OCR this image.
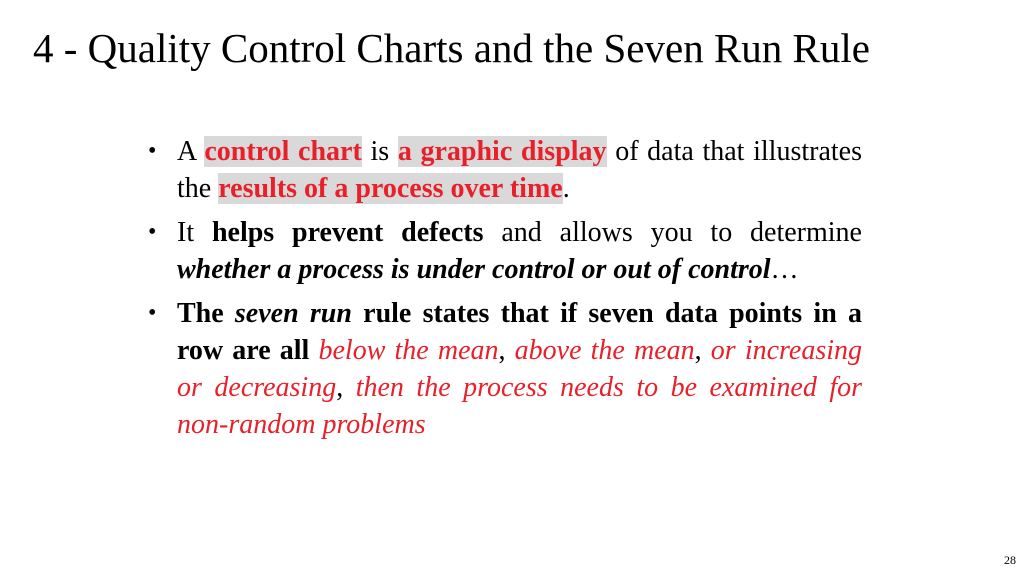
4 - Quality Control Charts and the Seven Run Rule
• A control chart is a graphic display of data that illustrates the results of a process over time.
• It helps prevent defects and allows you to determine whether a process is under control or out of control…
• The seven run rule states that if seven data points in a row are all below the mean, above the mean, or increasing or decreasing, then the process needs to be examined for non-random problems
28
